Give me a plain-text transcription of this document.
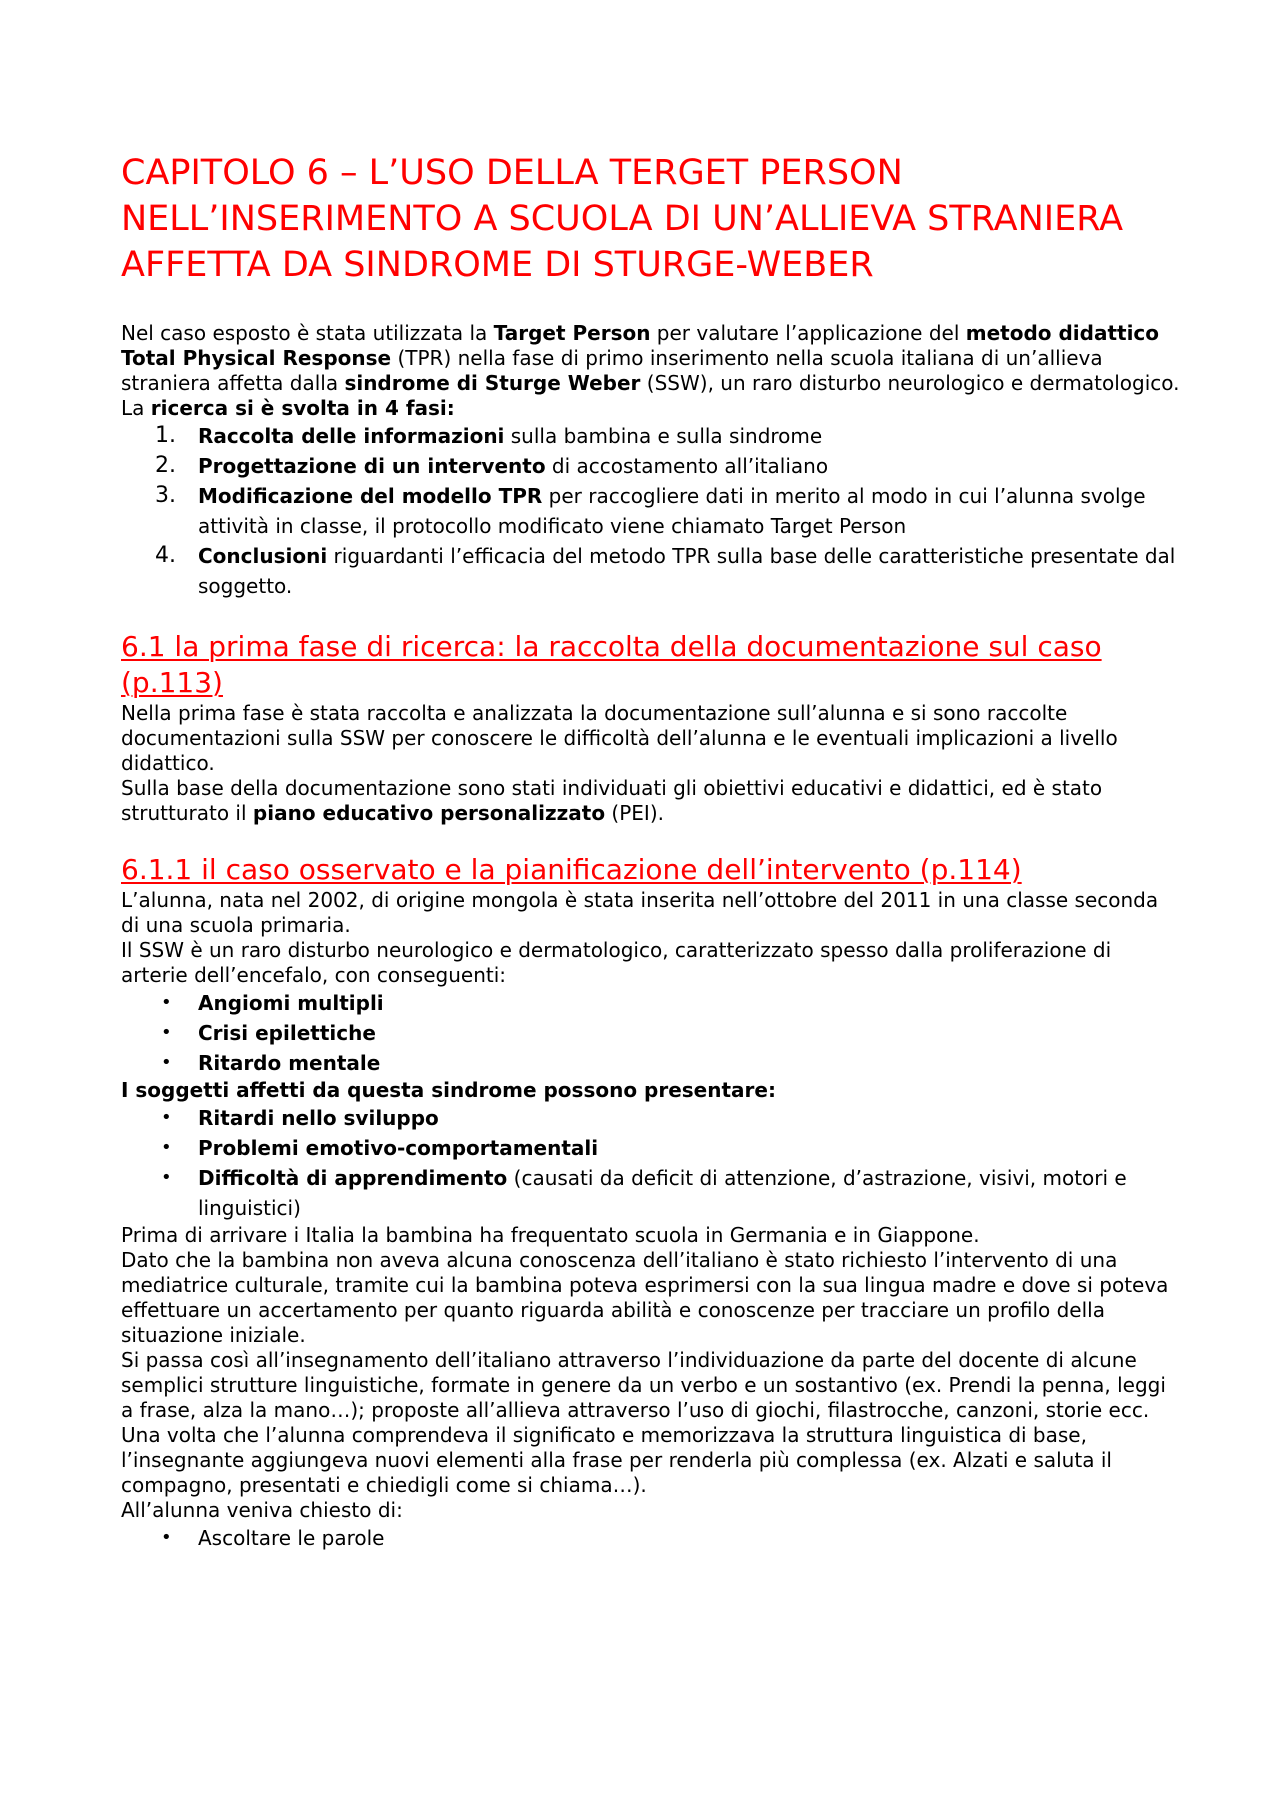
CAPITOLO 6 – L’USO DELLA TERGET PERSON NELL’INSERIMENTO A SCUOLA DI UN’ALLIEVA STRANIERA AFFETTA DA SINDROME DI STURGE-WEBER

Nel caso esposto è stata utilizzata la Target Person per valutare l’applicazione del metodo didattico Total Physical Response (TPR) nella fase di primo inserimento nella scuola italiana di un’allieva straniera affetta dalla sindrome di Sturge Weber (SSW), un raro disturbo neurologico e dermatologico.

La ricerca si è svolta in 4 fasi:

1. Raccolta delle informazioni sulla bambina e sulla sindrome
2. Progettazione di un intervento di accostamento all’italiano
3. Modificazione del modello TPR per raccogliere dati in merito al modo in cui l’alunna svolge attività in classe, il protocollo modificato viene chiamato Target Person
4. Conclusioni riguardanti l’efficacia del metodo TPR sulla base delle caratteristiche presentate dal soggetto.
6.1 la prima fase di ricerca: la raccolta della documentazione sul caso (p.113)

Nella prima fase è stata raccolta e analizzata la documentazione sull’alunna e si sono raccolte documentazioni sulla SSW per conoscere le difficoltà dell’alunna e le eventuali implicazioni a livello didattico.

Sulla base della documentazione sono stati individuati gli obiettivi educativi e didattici, ed è stato strutturato il piano educativo personalizzato (PEI).

6.1.1 il caso osservato e la pianificazione dell’intervento (p.114)

L’alunna, nata nel 2002, di origine mongola è stata inserita nell’ottobre del 2011 in una classe seconda di una scuola primaria.

Il SSW è un raro disturbo neurologico e dermatologico, caratterizzato spesso dalla proliferazione di arterie dell’encefalo, con conseguenti:

• Angiomi multipli
• Crisi epilettiche
• Ritardo mentale

I soggetti affetti da questa sindrome possono presentare:

• Ritardi nello sviluppo
• Problemi emotivo-comportamentali
• Difficoltà di apprendimento (causati da deficit di attenzione, d’astrazione, visivi, motori e linguistici)

Prima di arrivare i Italia la bambina ha frequentato scuola in Germania e in Giappone.

Dato che la bambina non aveva alcuna conoscenza dell’italiano è stato richiesto l’intervento di una mediatrice culturale, tramite cui la bambina poteva esprimersi con la sua lingua madre e dove si poteva effettuare un accertamento per quanto riguarda abilità e conoscenze per tracciare un profilo della situazione iniziale.

Si passa così all’insegnamento dell’italiano attraverso l’individuazione da parte del docente di alcune semplici strutture linguistiche, formate in genere da un verbo e un sostantivo (ex. Prendi la penna, leggi a frase, alza la mano…); proposte all’allieva attraverso l’uso di giochi, filastrocche, canzoni, storie ecc.

Una volta che l’alunna comprendeva il significato e memorizzava la struttura linguistica di base, l’insegnante aggiungeva nuovi elementi alla frase per renderla più complessa (ex. Alzati e saluta il compagno, presentati e chiedigli come si chiama…).

All’alunna veniva chiesto di:

• Ascoltare le parole
